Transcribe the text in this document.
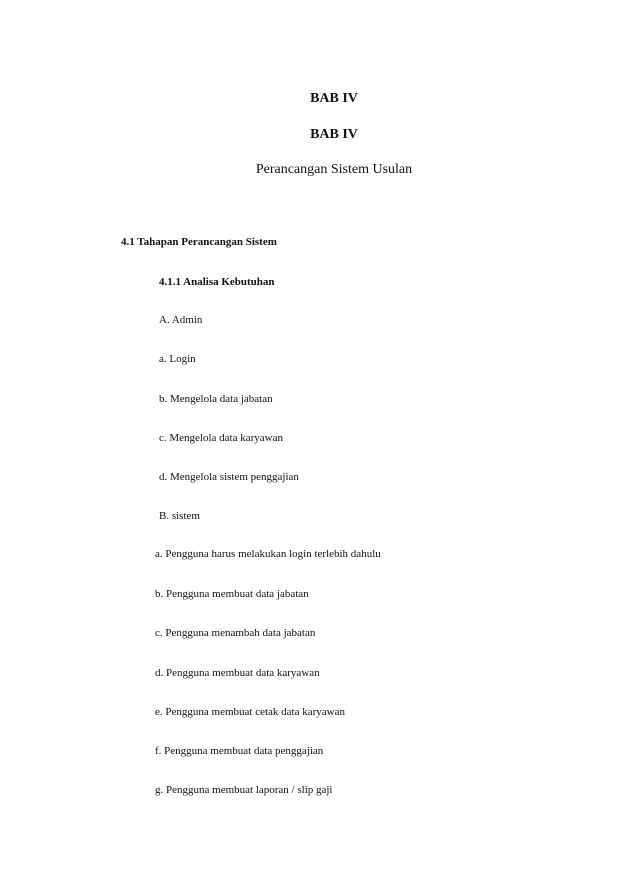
BAB IV
BAB IV
Perancangan Sistem Usulan
4.1 Tahapan Perancangan Sistem
4.1.1 Analisa Kebutuhan
A. Admin
a. Login
b. Mengelola data jabatan
c. Mengelola data karyawan
d. Mengelola sistem penggajian
B. sistem
a. Pengguna harus melakukan login terlebih dahulu
b. Pengguna membuat data jabatan
c. Pengguna menambah data jabatan
d. Pengguna membuat data karyawan
e. Pengguna membuat cetak data karyawan
f. Pengguna membuat data penggajian
g. Pengguna membuat laporan / slip gaji
